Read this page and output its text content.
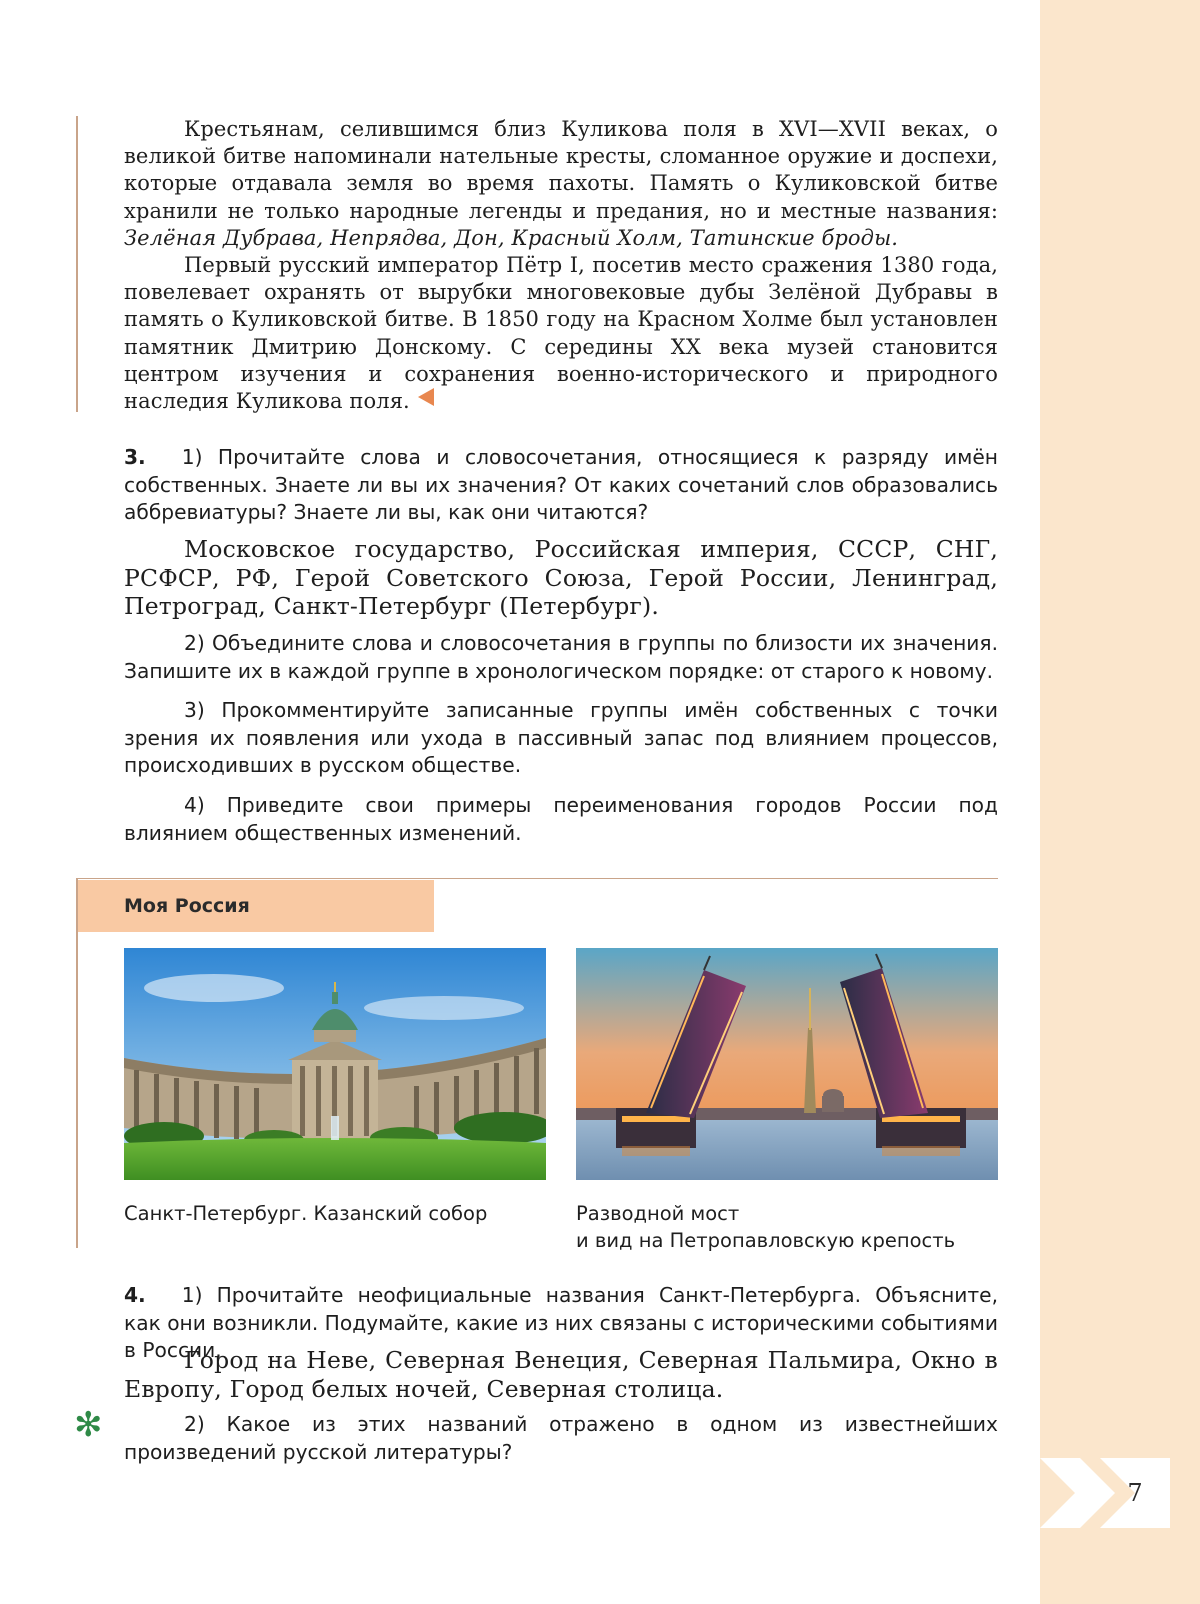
7

Крестьянам, селившимся близ Куликова поля в XVI—XVII веках, о великой битве напоминали нательные кресты, сломанное оружие и доспехи, которые отдавала земля во время пахоты. Память о Куликовской битве хранили не только народные легенды и предания, но и местные названия: Зелёная Дубрава, Непрядва, Дон, Красный Холм, Татинские броды.

Первый русский император Пётр I, посетив место сражения 1380 года, повелевает охранять от вырубки многовековые дубы Зелёной Дубравы в память о Куликовской битве. В 1850 году на Красном Холме был установлен памятник Дмитрию Донскому. С середины XX века музей становится центром изучения и сохранения военно-исторического и природного наследия Куликова поля.

3. 1) Прочитайте слова и словосочетания, относящиеся к разряду имён собственных. Знаете ли вы их значения? От каких сочетаний слов образовались аббревиатуры? Знаете ли вы, как они читаются?

Московское государство, Российская империя, СССР, СНГ, РСФСР, РФ, Герой Советского Союза, Герой России, Ленинград, Петроград, Санкт-Петербург (Петербург).

2) Объедините слова и словосочетания в группы по близости их значения. Запишите их в каждой группе в хронологическом порядке: от старого к новому.

3) Прокомментируйте записанные группы имён собственных с точки зрения их появления или ухода в пассивный запас под влиянием процессов, происходивших в русском обществе.

4) Приведите свои примеры переименования городов России под влиянием общественных изменений.

Моя Россия
Санкт-Петербург. Казанский собор	Разводной мост
и вид на Петропавловскую крепость

4. 1) Прочитайте неофициальные названия Санкт-Петербурга. Объясните, как они возникли. Подумайте, какие из них связаны с историческими событиями в России.

Город на Неве, Северная Венеция, Северная Пальмира, Окно в Европу, Город белых ночей, Северная столица.

✻	2) Какое из этих названий отражено в одном из известнейших произведений русской литературы?
